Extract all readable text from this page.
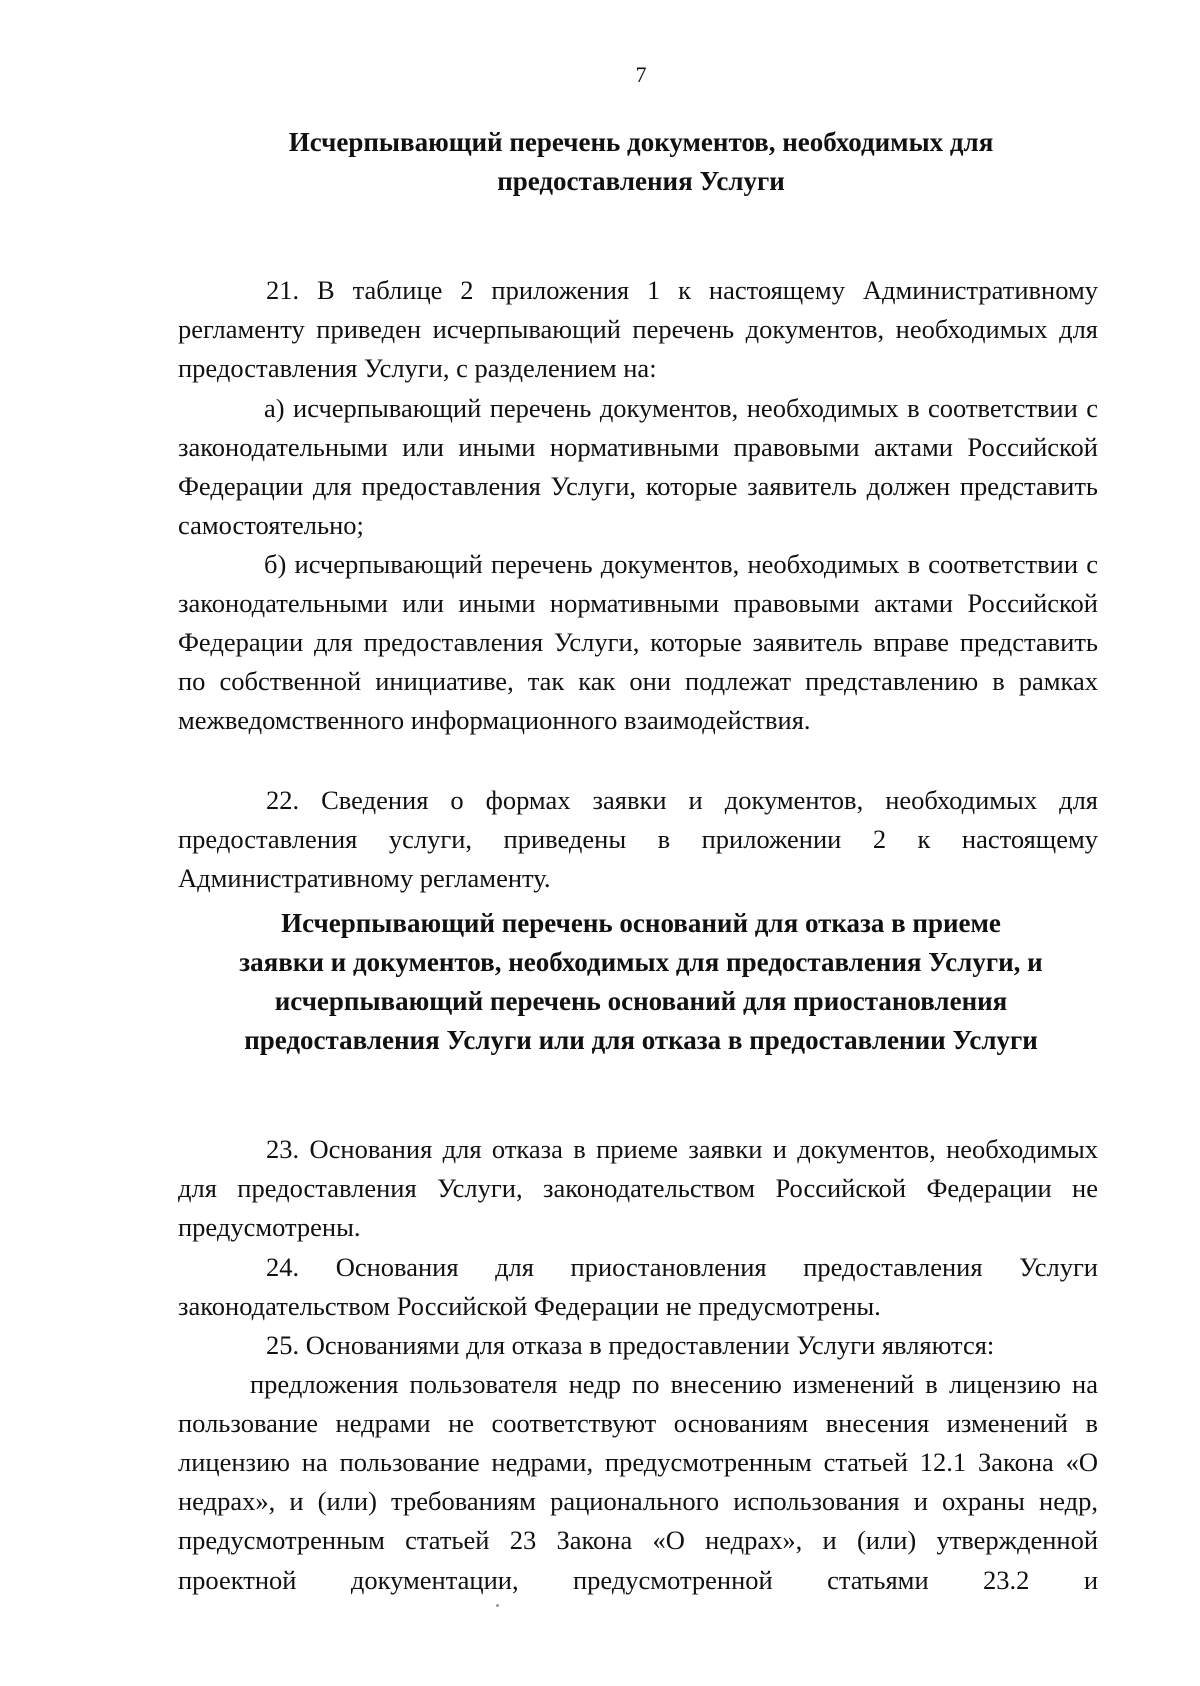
7
Исчерпывающий перечень документов, необходимых для
предоставления Услуги

21. В таблице 2 приложения 1 к настоящему Административному регламенту приведен исчерпывающий перечень документов, необходимых для предоставления Услуги, с разделением на:

а) исчерпывающий перечень документов, необходимых в соответствии с законодательными или иными нормативными правовыми актами Российской Федерации для предоставления Услуги, которые заявитель должен представить самостоятельно;

б) исчерпывающий перечень документов, необходимых в соответствии с законодательными или иными нормативными правовыми актами Российской Федерации для предоставления Услуги, которые заявитель вправе представить по собственной инициативе, так как они подлежат представлению в рамках межведомственного информационного взаимодействия.

22. Сведения о формах заявки и документов, необходимых для предоставления услуги, приведены в приложении 2 к настоящему Административному регламенту.

Исчерпывающий перечень оснований для отказа в приеме
заявки и документов, необходимых для предоставления Услуги, и
исчерпывающий перечень оснований для приостановления
предоставления Услуги или для отказа в предоставлении Услуги

23. Основания для отказа в приеме заявки и документов, необходимых для предоставления Услуги, законодательством Российской Федерации не предусмотрены.

24. Основания для приостановления предоставления Услуги законодательством Российской Федерации не предусмотрены.

25. Основаниями для отказа в предоставлении Услуги являются:

предложения пользователя недр по внесению изменений в лицензию на пользование недрами не соответствуют основаниям внесения изменений в лицензию на пользование недрами, предусмотренным статьей 12.1 Закона «О недрах», и (или) требованиям рационального использования и охраны недр, предусмотренным статьей 23 Закона «О недрах», и (или) утвержденной проектной документации, предусмотренной статьями 23.2 и
